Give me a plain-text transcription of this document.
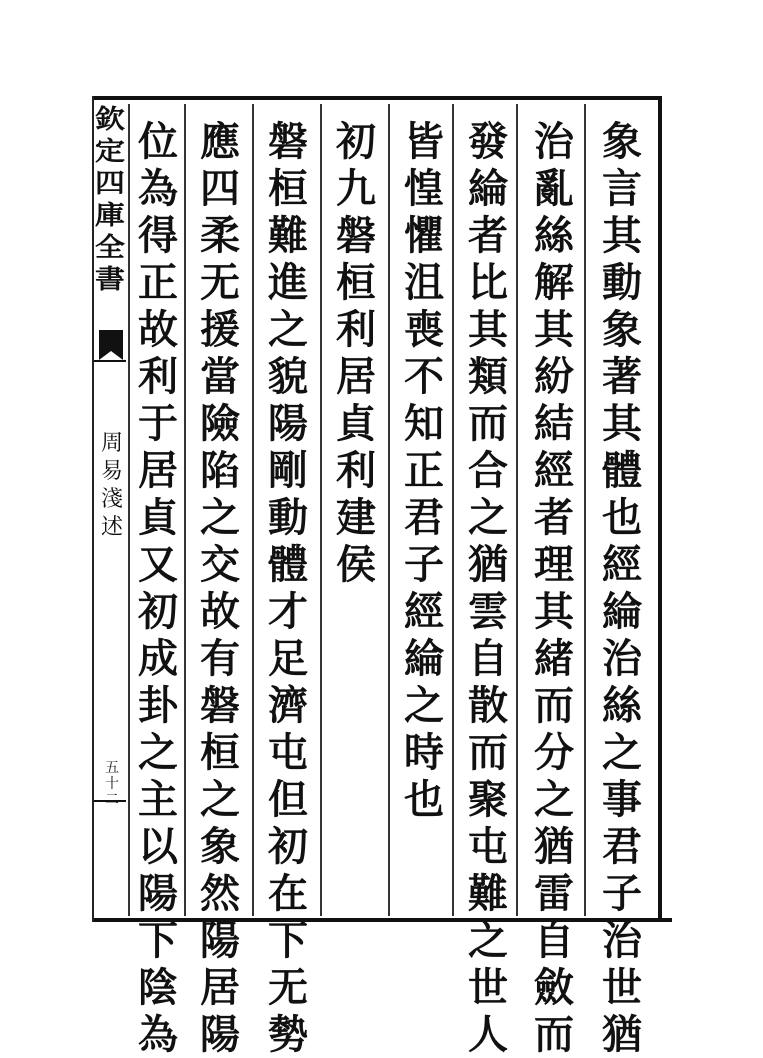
欽
定
四
庫
全
書
周
易
淺
述
五
十
象
言
其
動
象
著
其
體
也
經
綸
治
絲
之
事
君
子
治
世
猶
治
亂
絲
解
其
紛
結
經
者
理
其
緒
而
分
之
猶
雷
自
斂
而
發
綸
者
比
其
類
而
合
之
猶
雲
自
散
而
聚
屯
難
之
世
人
皆
惶
懼
沮
喪
不
知
正
君
子
經
綸
之
時
也
初
九
磐
桓
利
居
貞
利
建
侯
磐
桓
難
進
之
貌
陽
剛
動
體
才
足
濟
屯
但
初
在
下
无
勢
應
四
柔
无
援
當
險
陷
之
交
故
有
磐
桓
之
象
然
陽
居
陽
位
為
得
正
故
利
于
居
貞
又
初
成
卦
之
主
以
陽
下
陰
為
